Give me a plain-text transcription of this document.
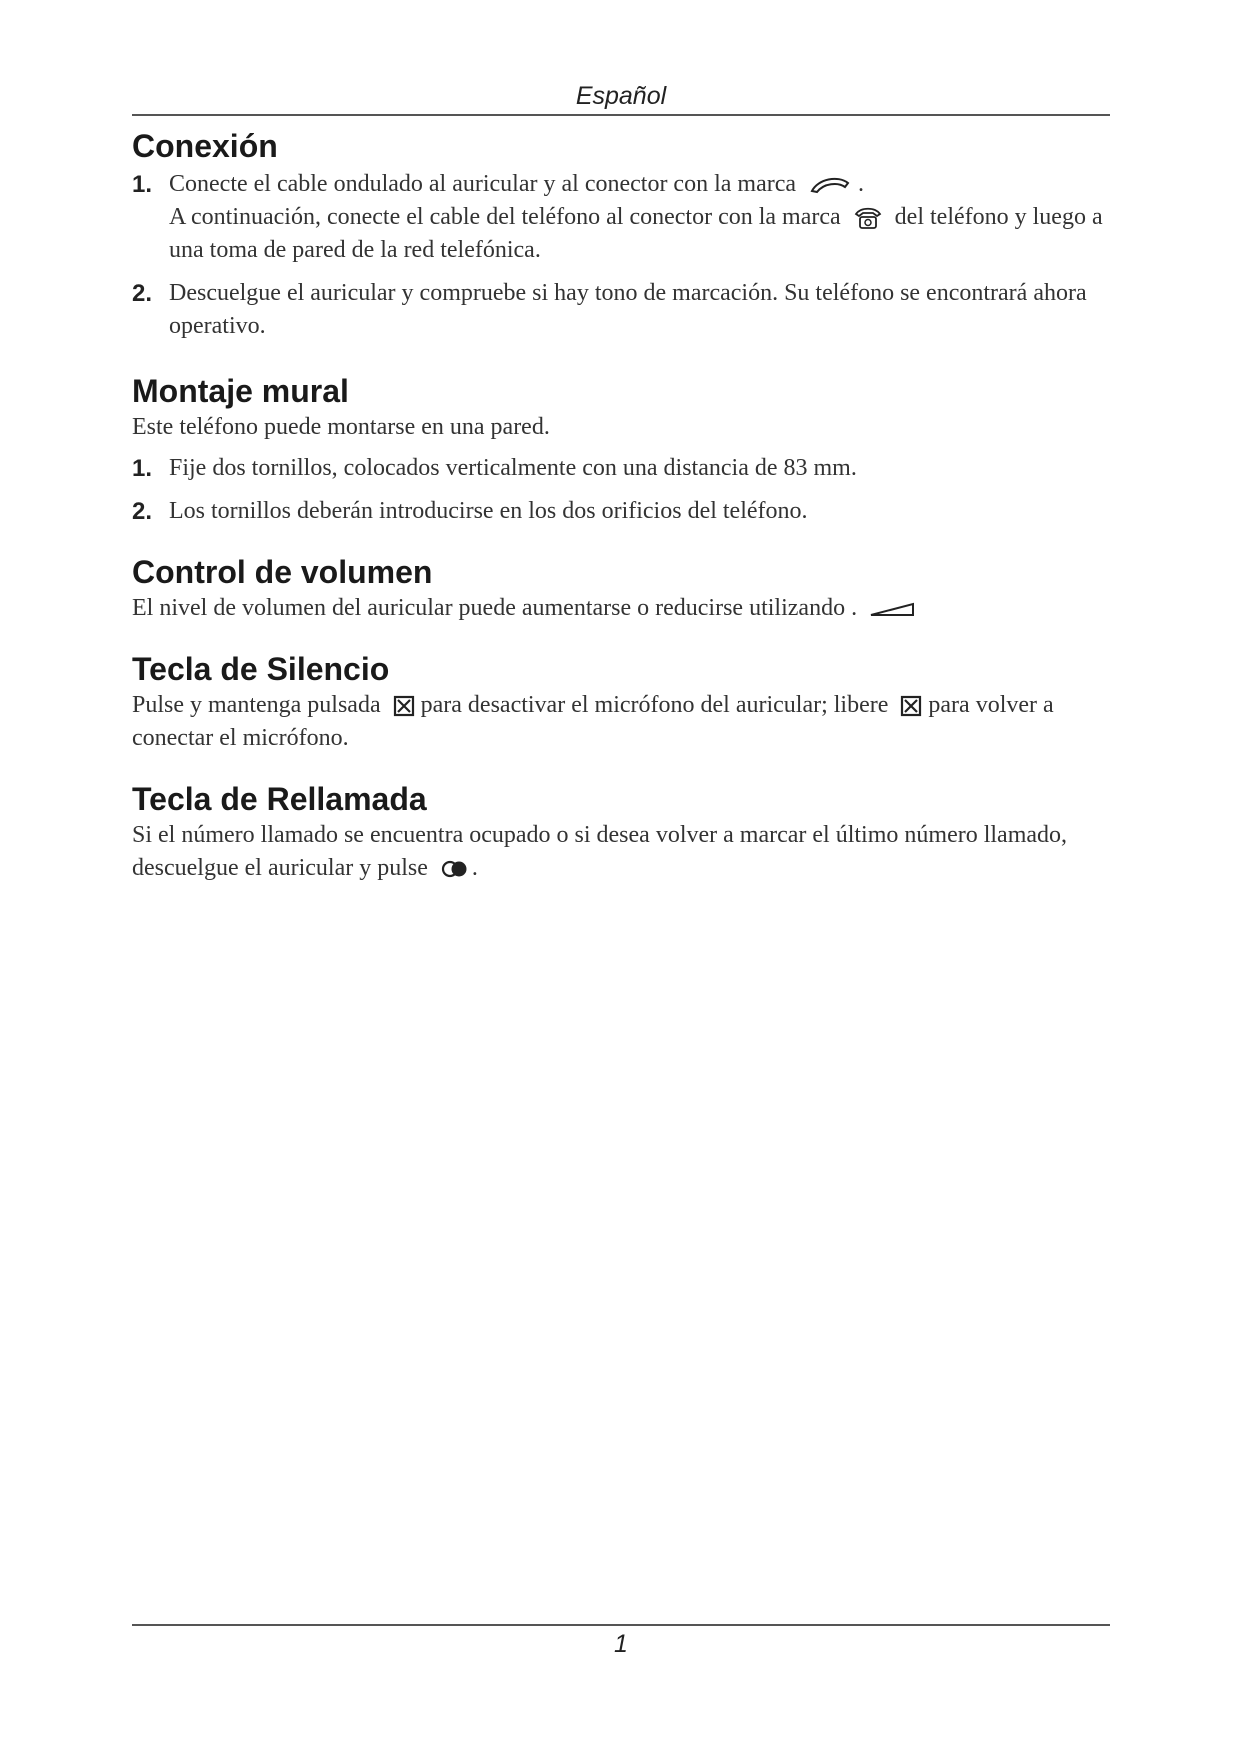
Español
Conexión
1. Conecte el cable ondulado al auricular y al conector con la marca	.
A continuación, conecte el cable del teléfono al conector con la marca del teléfono y luego a una toma de pared de la red telefónica.
2. Descuelgue el auricular y compruebe si hay tono de marcación. Su teléfono se encontrará ahora operativo.
Montaje mural

Este teléfono puede montarse en una pared.

1. Fije dos tornillos, colocados verticalmente con una distancia de 83 mm.
2. Los tornillos deberán introducirse en los dos orificios del teléfono.
Control de volumen

El nivel de volumen del auricular puede aumentarse o reducirse utilizando .

Tecla de Silencio

Pulse y mantenga pulsada para desactivar el micrófono del auricular; libere para volver a conectar el micrófono.

Tecla de Rellamada

Si el número llamado se encuentra ocupado o si desea volver a marcar el último número llamado, descuelgue el auricular y pulse .

1
